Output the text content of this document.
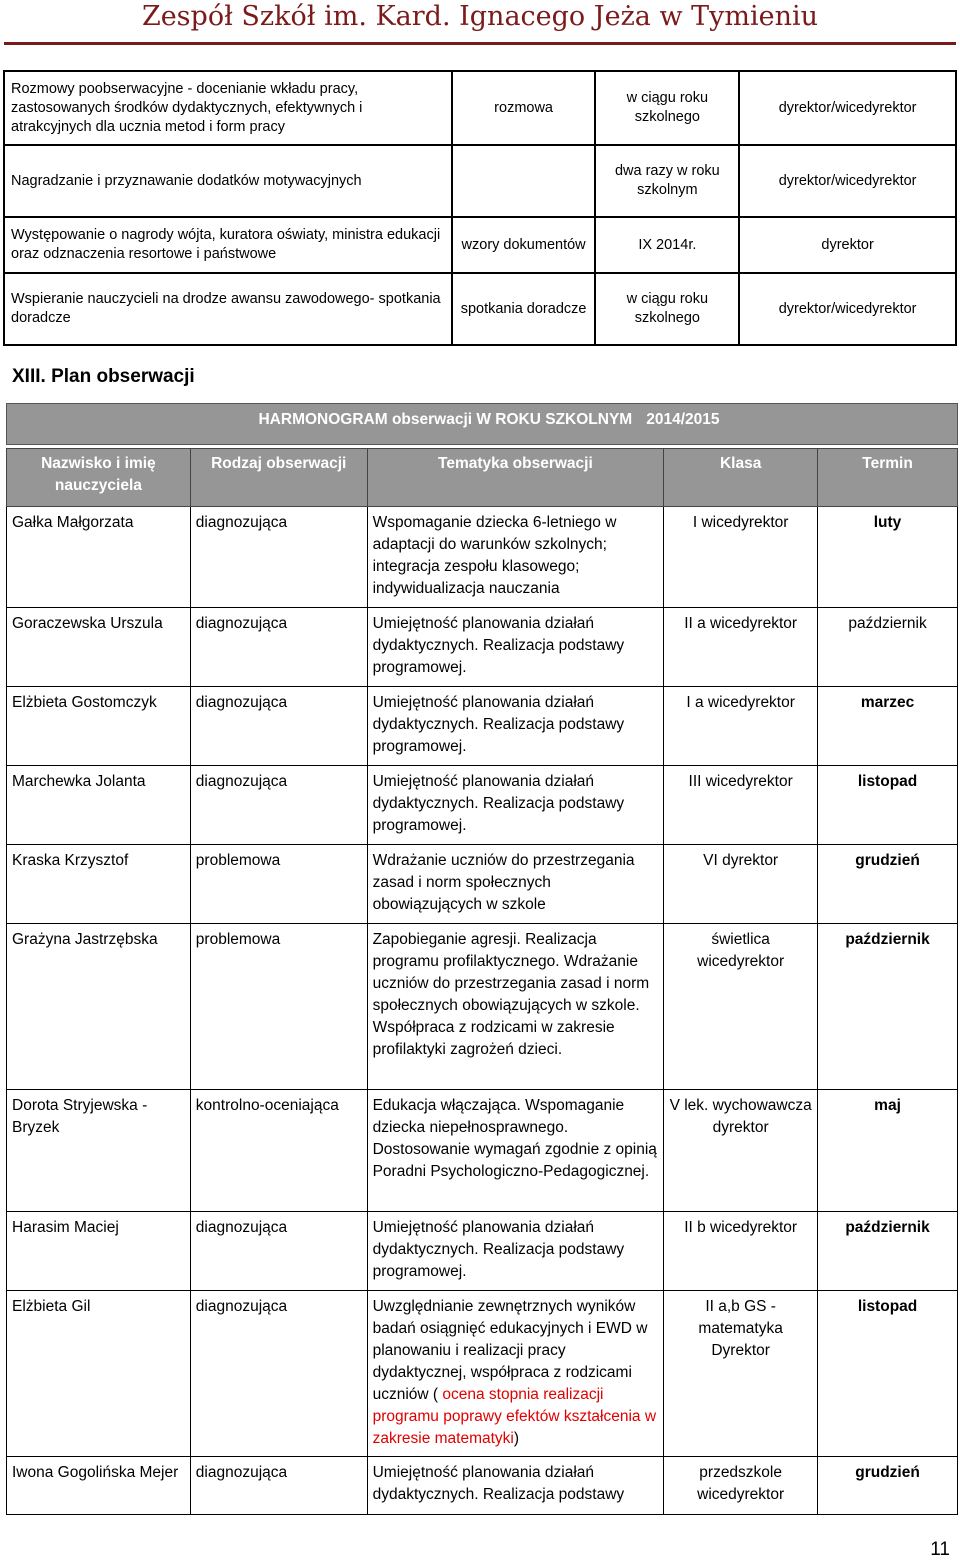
Zespół Szkół im. Kard. Ignacego Jeża w Tymieniu
Rozmowy poobserwacyjne - docenianie wkładu pracy, zastosowanych środków dydaktycznych, efektywnych i atrakcyjnych dla ucznia metod i form pracy	rozmowa	w ciągu roku szkolnego	dyrektor/wicedyrektor
Nagradzanie i przyznawanie dodatków motywacyjnych		dwa razy w roku szkolnym	dyrektor/wicedyrektor
Występowanie o nagrody wójta, kuratora oświaty, ministra edukacji oraz odznaczenia resortowe i państwowe	wzory dokumentów	IX 2014r.	dyrektor
Wspieranie nauczycieli na drodze awansu zawodowego- spotkania doradcze	spotkania doradcze	w ciągu roku szkolnego	dyrektor/wicedyrektor
XIII. Plan obserwacji
HARMONOGRAM obserwacji W ROKU SZKOLNYM 2014/2015
Nazwisko i imię nauczyciela	Rodzaj obserwacji	Tematyka obserwacji	Klasa	Termin
Gałka Małgorzata	diagnozująca	Wspomaganie dziecka 6-letniego w adaptacji do warunków szkolnych; integracja zespołu klasowego; indywidualizacja nauczania	I wicedyrektor	luty
Goraczewska Urszula	diagnozująca	Umiejętność planowania działań dydaktycznych. Realizacja podstawy programowej.	II a wicedyrektor	październik
Elżbieta Gostomczyk	diagnozująca	Umiejętność planowania działań dydaktycznych. Realizacja podstawy programowej.	I a wicedyrektor	marzec
Marchewka Jolanta	diagnozująca	Umiejętność planowania działań dydaktycznych. Realizacja podstawy programowej.	III wicedyrektor	listopad
Kraska Krzysztof	problemowa	Wdrażanie uczniów do przestrzegania zasad i norm społecznych obowiązujących w szkole	VI dyrektor	grudzień
Grażyna Jastrzębska	problemowa	Zapobieganie agresji. Realizacja programu profilaktycznego. Wdrażanie uczniów do przestrzegania zasad i norm społecznych obowiązujących w szkole. Współpraca z rodzicami w zakresie profilaktyki zagrożeń dzieci.	świetlica wicedyrektor	październik
Dorota Stryjewska - Bryzek	kontrolno-oceniająca	Edukacja włączająca. Wspomaganie dziecka niepełnosprawnego. Dostosowanie wymagań zgodnie z opinią Poradni Psychologiczno-Pedagogicznej.	V lek. wychowawcza dyrektor	maj
Harasim Maciej	diagnozująca	Umiejętność planowania działań dydaktycznych. Realizacja podstawy programowej.	II b wicedyrektor	październik
Elżbieta Gil	diagnozująca	Uwzględnianie zewnętrznych wyników badań osiągnięć edukacyjnych i EWD w planowaniu i realizacji pracy dydaktycznej, współpraca z rodzicami uczniów ( ocena stopnia realizacji programu poprawy efektów kształcenia w zakresie matematyki)	II a,b GS - matematyka Dyrektor	listopad
Iwona Gogolińska Mejer	diagnozująca	Umiejętność planowania działań dydaktycznych. Realizacja podstawy	przedszkole wicedyrektor	grudzień
11
